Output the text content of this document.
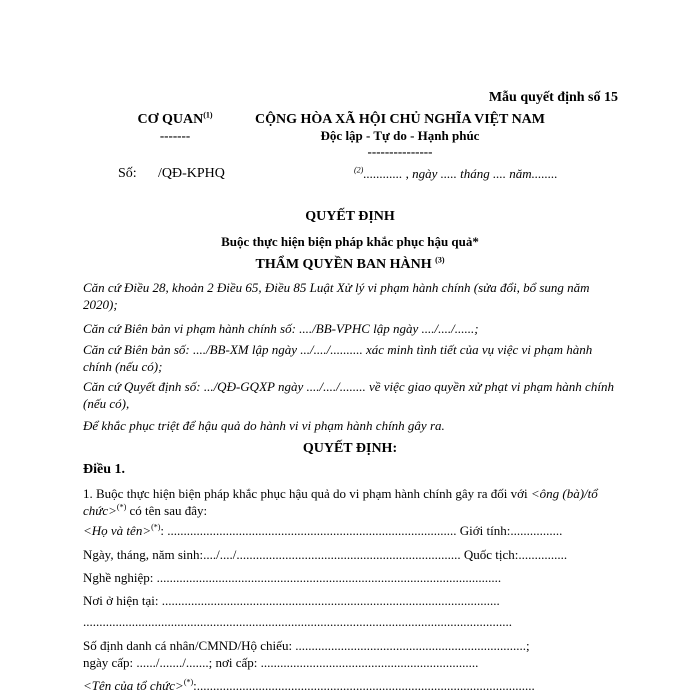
Mẫu quyết định số 15
CƠ QUAN$^{(1)}$
-------
CỘNG HÒA XÃ HỘI CHỦ NGHĨA VIỆT NAM
Độc lập - Tự do - Hạnh phúc
---------------
Số: /QĐ-KPHQ	$^{(2)}$............ , ngày ..... tháng .... năm........
QUYẾT ĐỊNH
Buộc thực hiện biện pháp khắc phục hậu quả*
THẨM QUYỀN BAN HÀNH $^{(3)}$
Căn cứ Điều 28, khoản 2 Điều 65, Điều 85 Luật Xử lý vi phạm hành chính (sửa đổi, bổ sung năm 2020);
Căn cứ Biên bản vi phạm hành chính số: ..../BB-VPHC lập ngày ..../..../......;
Căn cứ Biên bản số: ..../BB-XM lập ngày .../..../.......... xác minh tình tiết của vụ việc vi phạm hành chính (nếu có);
Căn cứ Quyết định số: .../QĐ-GQXP ngày ..../..../........ về việc giao quyền xử phạt vi phạm hành chính (nếu có),
Để khắc phục triệt để hậu quả do hành vi vi phạm hành chính gây ra.
QUYẾT ĐỊNH:
Điều 1.
1. Buộc thực hiện biện pháp khắc phục hậu quả do vi phạm hành chính gây ra đối với <ông (bà)/tổ chức>(*) có tên sau đây:
<Họ và tên>(*): ......................................................................................... Giới tính:................
Ngày, tháng, năm sinh:..../..../..................................................................... Quốc tịch:...............
Nghề nghiệp: ..........................................................................................................
Nơi ở hiện tại: ........................................................................................................
....................................................................................................................................
Số định danh cá nhân/CMND/Hộ chiếu: .......................................................................;
ngày cấp: ....../......./.......; nơi cấp: ...................................................................
<Tên của tổ chức>(*):........................................................................................................
